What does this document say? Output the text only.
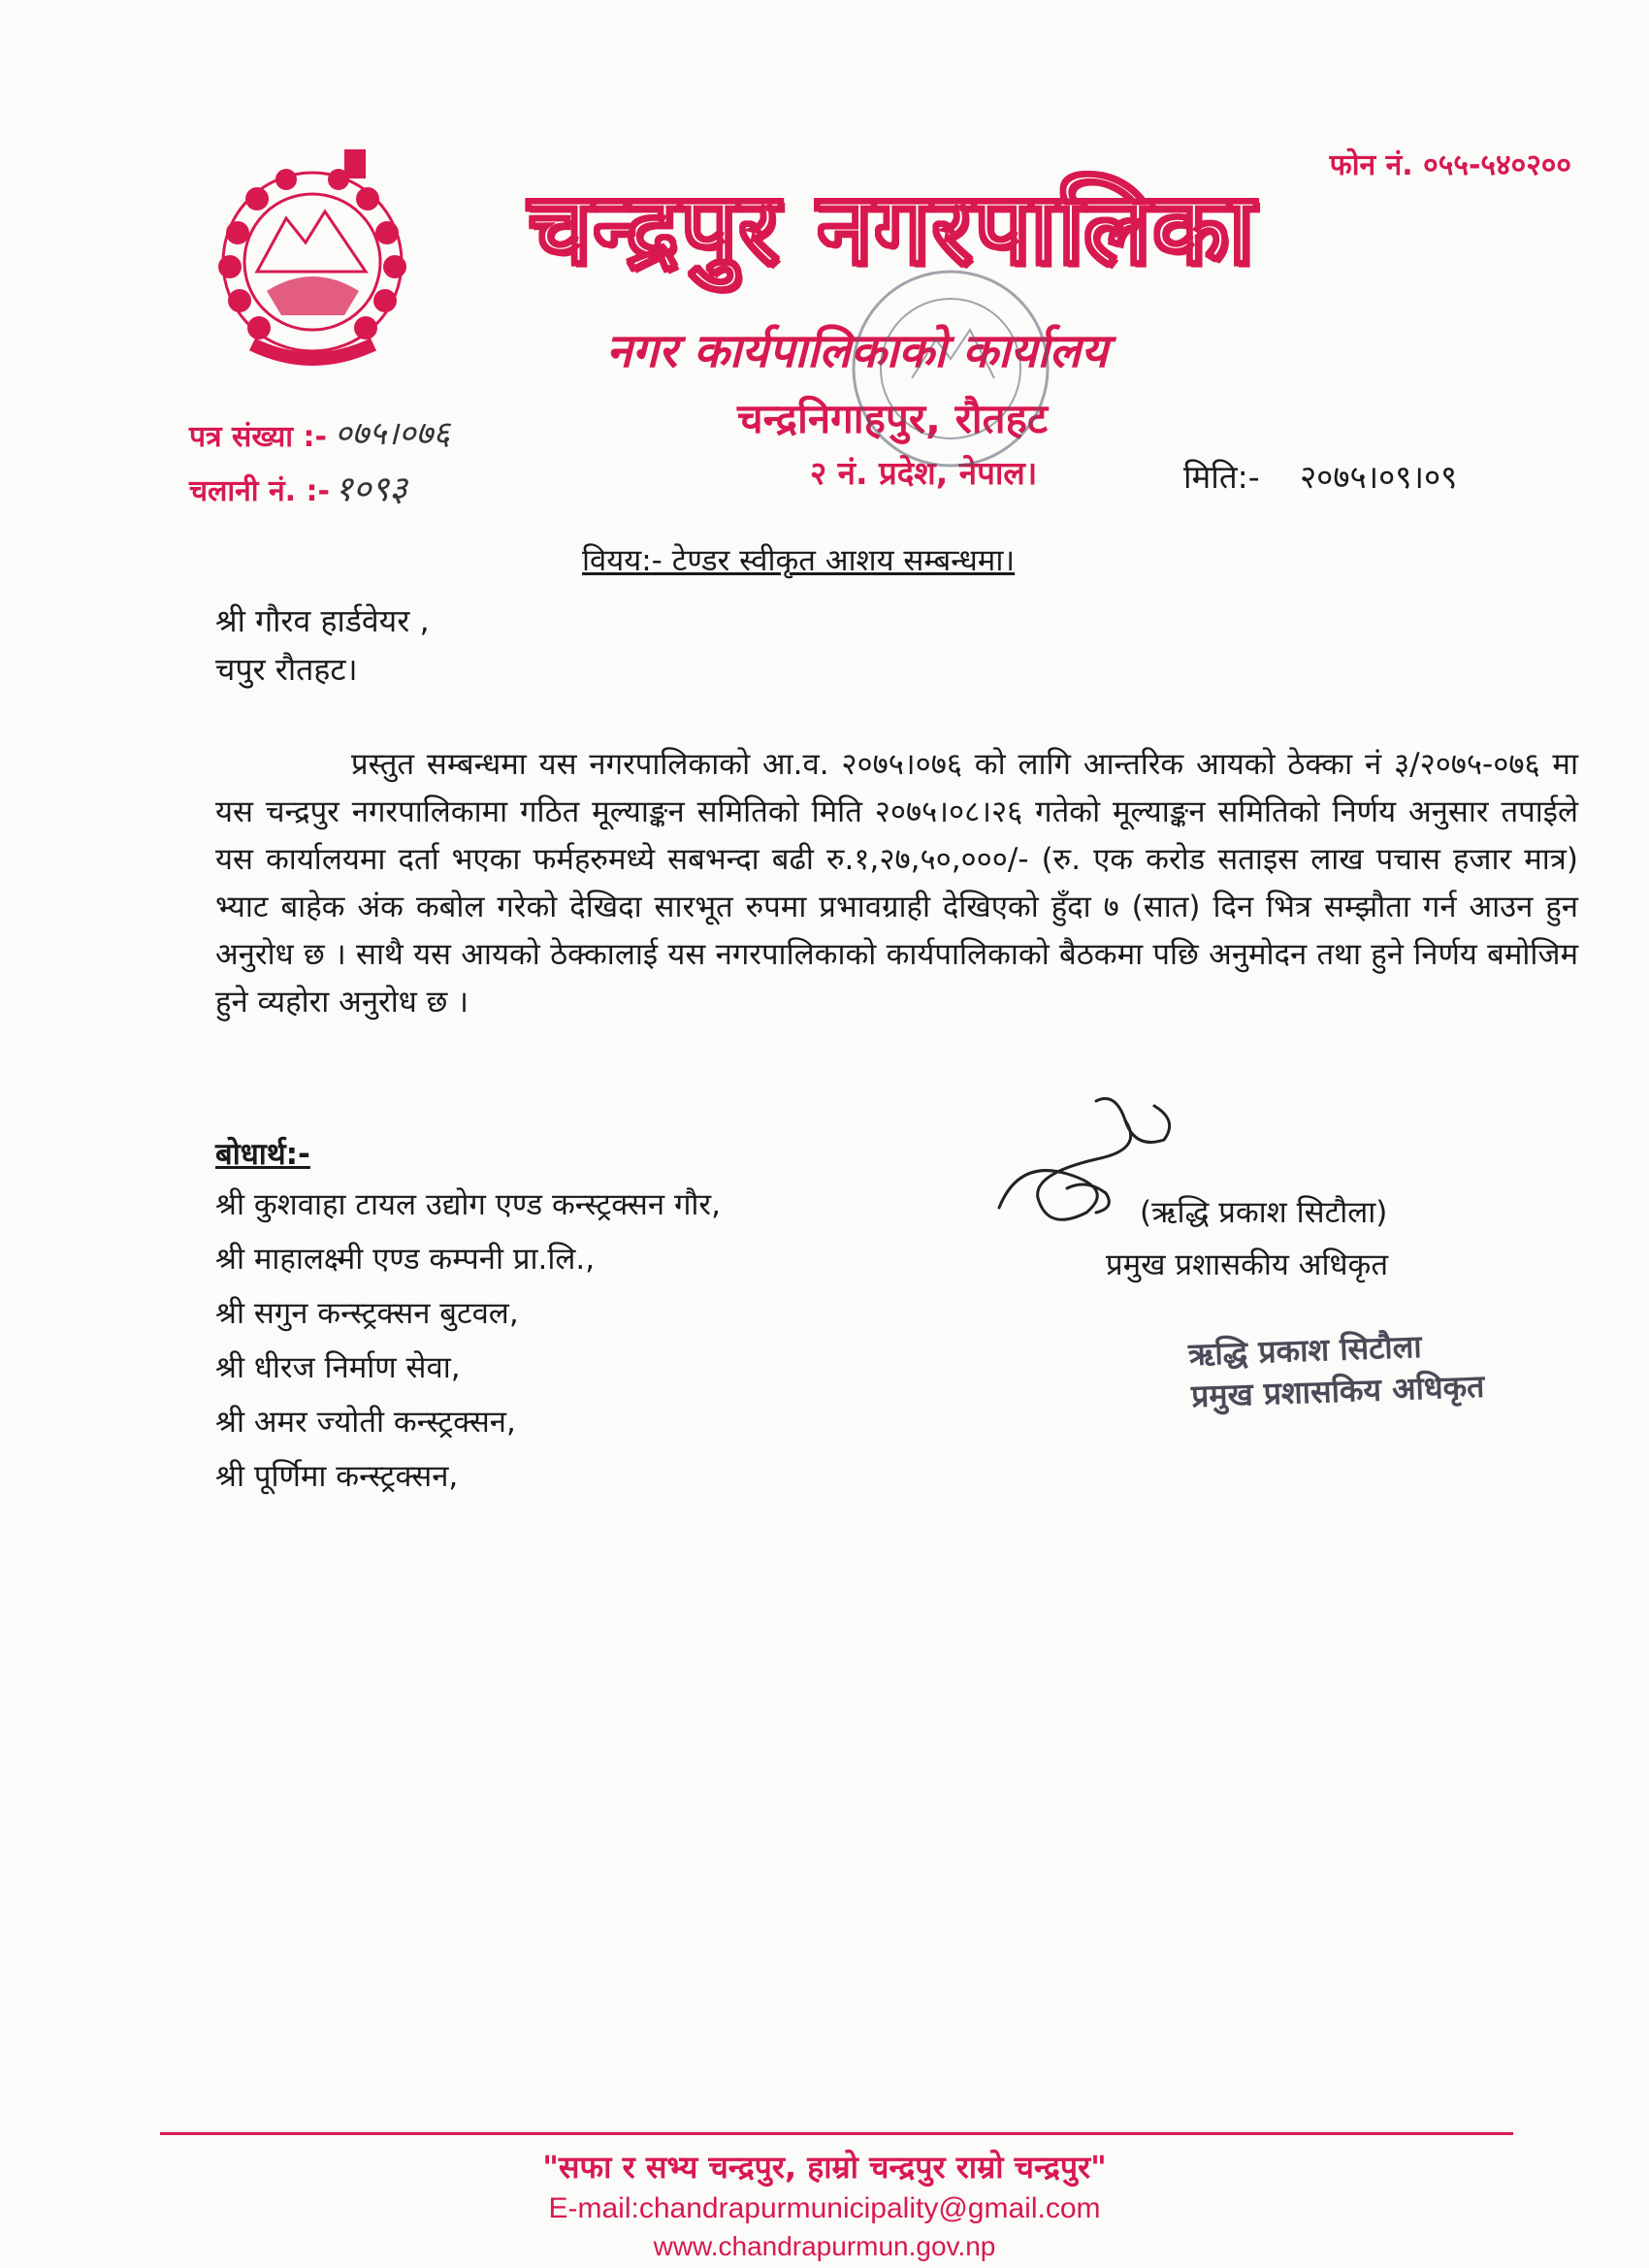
फोन नं. ०५५-५४०२००
चन्द्रपुर नगरपालिका
नगर कार्यपालिकाको कार्यालय
चन्द्रनिगाहपुर, रौतहट
२ नं. प्रदेश, नेपाल।
पत्र संख्या :- ०७५।०७६
चलानी नं. :- १०९३	मिति:- २०७५।०९।०९
वियय:- टेण्डर स्वीकृत आशय सम्बन्धमा।
श्री गौरव हार्डवेयर ,
चपुर रौतहट।
प्रस्तुत सम्बन्धमा यस नगरपालिकाको आ.व. २०७५।०७६ को लागि आन्तरिक आयको ठेक्का नं ३/२०७५-०७६ मा यस चन्द्रपुर नगरपालिकामा गठित मूल्याङ्कन समितिको मिति २०७५।०८।२६ गतेको मूल्याङ्कन समितिको निर्णय अनुसार तपाईले यस कार्यालयमा दर्ता भएका फर्महरुमध्ये सबभन्दा बढी रु.१,२७,५०,०००/- (रु. एक करोड सताइस लाख पचास हजार मात्र) भ्याट बाहेक अंक कबोल गरेको देखिदा सारभूत रुपमा प्रभावग्राही देखिएको हुँदा ७ (सात) दिन भित्र सम्झौता गर्न आउन हुन अनुरोध छ । साथै यस आयको ठेक्कालाई यस नगरपालिकाको कार्यपालिकाको बैठकमा पछि अनुमोदन तथा हुने निर्णय बमोजिम हुने व्यहोरा अनुरोध छ ।
बोधार्थ:-
श्री कुशवाहा टायल उद्योग एण्ड कन्स्ट्रक्सन गौर,
श्री माहालक्ष्मी एण्ड कम्पनी प्रा.लि.,
श्री सगुन कन्स्ट्रक्सन बुटवल,
श्री धीरज निर्माण सेवा,
श्री अमर ज्योती कन्स्ट्रक्सन,
श्री पूर्णिमा कन्स्ट्रक्सन,
(ऋद्धि प्रकाश सिटौला)
प्रमुख प्रशासकीय अधिकृत
ऋद्धि प्रकाश सिटौला
प्रमुख प्रशासकिय अधिकृत
"सफा र सभ्य चन्द्रपुर, हाम्रो चन्द्रपुर राम्रो चन्द्रपुर"
E-mail:chandrapurmunicipality@gmail.com
www.chandrapurmun.gov.np
